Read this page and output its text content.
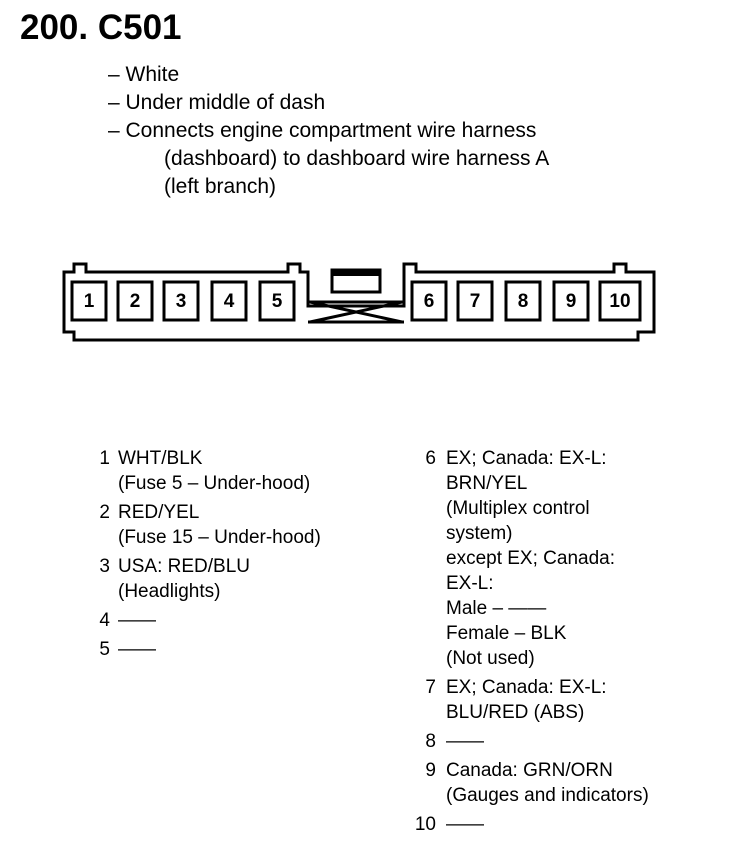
200. C501
– White
– Under middle of dash
– Connects engine compartment wire harness
(dashboard) to dashboard wire harness A
(left branch)
1 2 3 4 5	6 7 8 9 10
1 WHT/BLK
(Fuse 5 – Under-hood)
2 RED/YEL
(Fuse 15 – Under-hood)
3 USA: RED/BLU
(Headlights)
4 ——
5 ——
6 EX; Canada: EX-L:
BRN/YEL
(Multiplex control
system)
except EX; Canada:
EX-L:
Male – ——
Female – BLK
(Not used)
7 EX; Canada: EX-L:
BLU/RED (ABS)
8 ——
9 Canada: GRN/ORN
(Gauges and indicators)
10 ——
